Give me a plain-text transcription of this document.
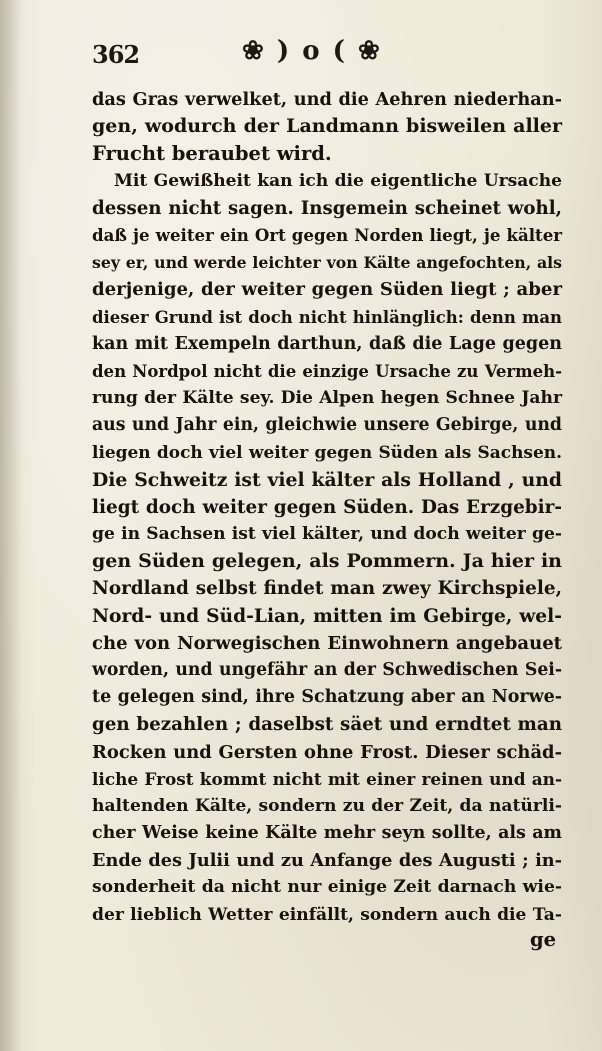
362	❀ ) o ( ❀
das Gras verwelket, und die Aehren niederhan-
gen, wodurch der Landmann bisweilen aller
Frucht beraubet wird.
Mit Gewißheit kan ich die eigentliche Ursache
dessen nicht sagen. Insgemein scheinet wohl,
daß je weiter ein Ort gegen Norden liegt, je kälter
sey er, und werde leichter von Kälte angefochten, als
derjenige, der weiter gegen Süden liegt ; aber
dieser Grund ist doch nicht hinlänglich: denn man
kan mit Exempeln darthun, daß die Lage gegen
den Nordpol nicht die einzige Ursache zu Vermeh-
rung der Kälte sey. Die Alpen hegen Schnee Jahr
aus und Jahr ein, gleichwie unsere Gebirge, und
liegen doch viel weiter gegen Süden als Sachsen.
Die Schweitz ist viel kälter als Holland , und
liegt doch weiter gegen Süden. Das Erzgebir-
ge in Sachsen ist viel kälter, und doch weiter ge-
gen Süden gelegen, als Pommern. Ja hier in
Nordland selbst findet man zwey Kirchspiele,
Nord- und Süd-Lian, mitten im Gebirge, wel-
che von Norwegischen Einwohnern angebauet
worden, und ungefähr an der Schwedischen Sei-
te gelegen sind, ihre Schatzung aber an Norwe-
gen bezahlen ; daselbst säet und erndtet man
Rocken und Gersten ohne Frost. Dieser schäd-
liche Frost kommt nicht mit einer reinen und an-
haltenden Kälte, sondern zu der Zeit, da natürli-
cher Weise keine Kälte mehr seyn sollte, als am
Ende des Julii und zu Anfange des Augusti ; in-
sonderheit da nicht nur einige Zeit darnach wie-
der lieblich Wetter einfällt, sondern auch die Ta-
ge
